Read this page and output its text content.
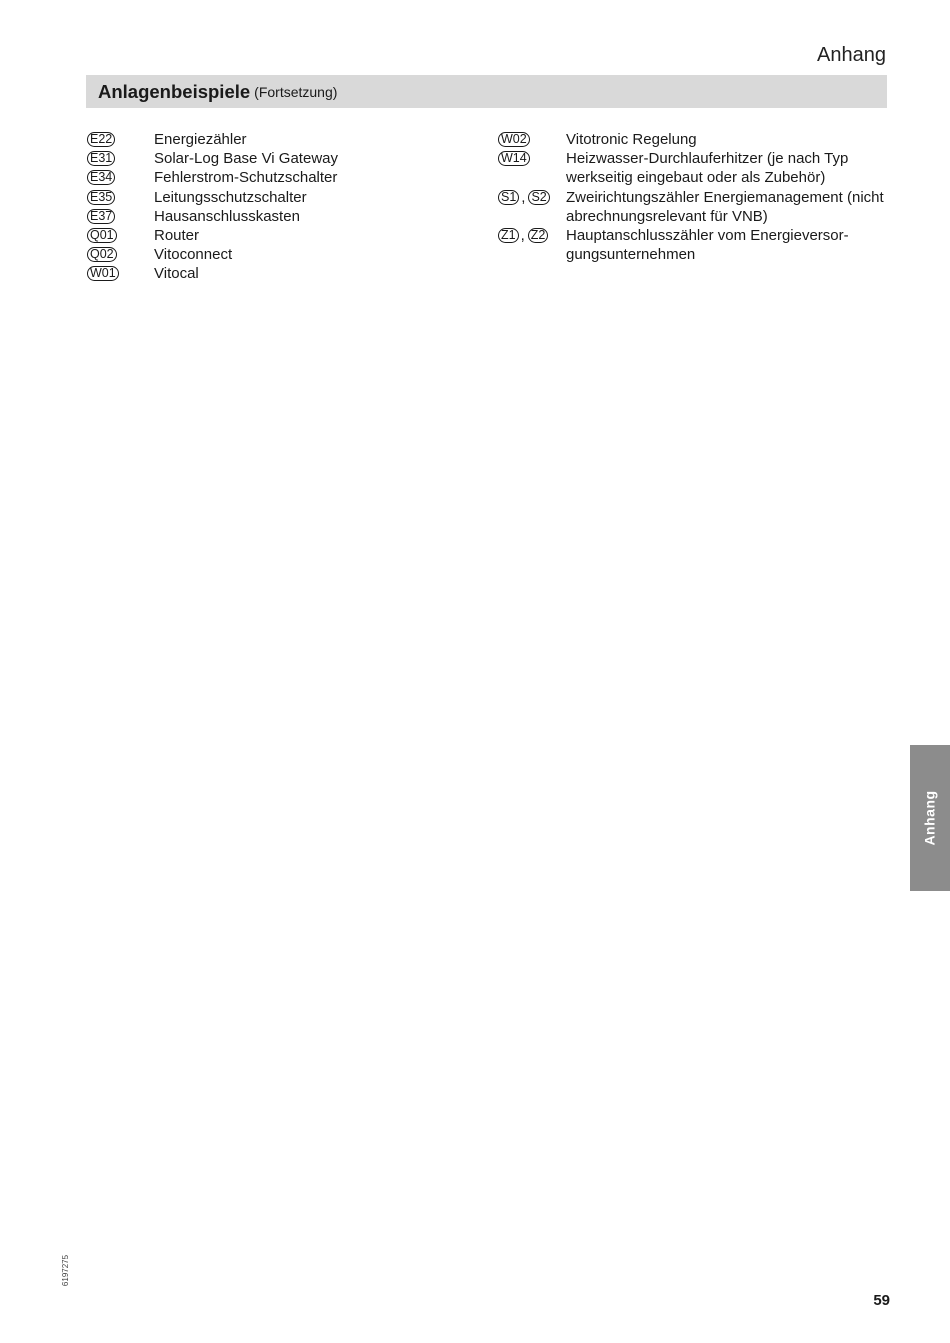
Anhang
Anlagenbeispiele (Fortsetzung)
E22	Energiezähler
E31	Solar-Log Base Vi Gateway
E34	Fehlerstrom-Schutzschalter
E35	Leitungsschutzschalter
E37	Hausanschlusskasten
Q01	Router
Q02	Vitoconnect
W01	Vitocal
W02	Vitotronic Regelung
W14	Heizwasser-Durchlauferhitzer (je nach Typ werkseitig eingebaut oder als Zubehör)
S1 , S2 Zweirichtungszähler Energiemanagement (nicht abrechnungsrelevant für VNB)
Z1 , Z2 Hauptanschlusszähler vom Energieversorgungsunternehmen
Anhang
6197275
59
